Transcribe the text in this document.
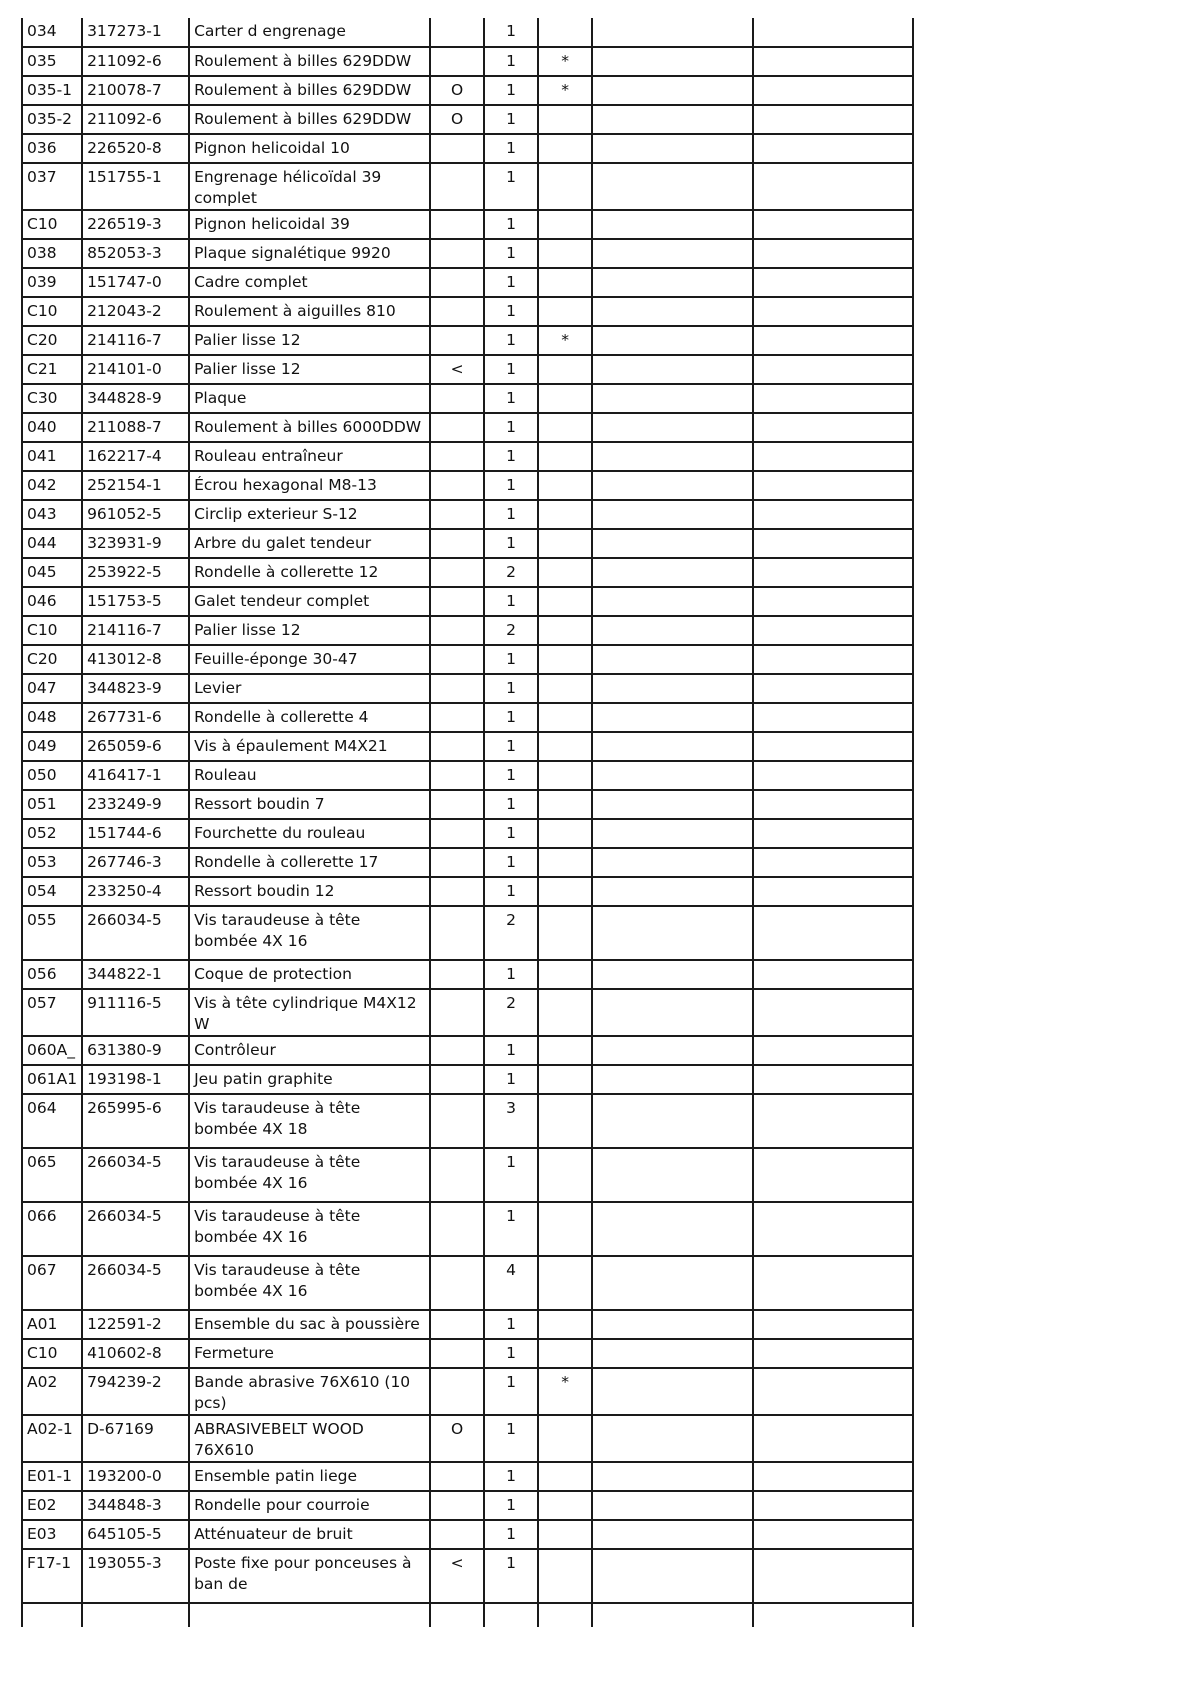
034	317273-1	Carter d engrenage		1			
035	211092-6	Roulement à billes 629DDW		1	*		
035-1	210078-7	Roulement à billes 629DDW	O	1	*		
035-2	211092-6	Roulement à billes 629DDW	O	1			
036	226520-8	Pignon helicoidal 10		1			
037	151755-1	Engrenage hélicoïdal 39 complet		1			
C10	226519-3	Pignon helicoidal 39		1			
038	852053-3	Plaque signalétique 9920		1			
039	151747-0	Cadre complet		1			
C10	212043-2	Roulement à aiguilles 810		1			
C20	214116-7	Palier lisse 12		1	*		
C21	214101-0	Palier lisse 12	<	1			
C30	344828-9	Plaque		1			
040	211088-7	Roulement à billes 6000DDW		1			
041	162217-4	Rouleau entraîneur		1			
042	252154-1	Écrou hexagonal M8-13		1			
043	961052-5	Circlip exterieur S-12		1			
044	323931-9	Arbre du galet tendeur		1			
045	253922-5	Rondelle à collerette 12		2			
046	151753-5	Galet tendeur complet		1			
C10	214116-7	Palier lisse 12		2			
C20	413012-8	Feuille-éponge 30-47		1			
047	344823-9	Levier		1			
048	267731-6	Rondelle à collerette 4		1			
049	265059-6	Vis à épaulement M4X21		1			
050	416417-1	Rouleau		1			
051	233249-9	Ressort boudin 7		1			
052	151744-6	Fourchette du rouleau		1			
053	267746-3	Rondelle à collerette 17		1			
054	233250-4	Ressort boudin 12		1			
055	266034-5	Vis taraudeuse à tête bombée 4X 16		2			
056	344822-1	Coque de protection		1			
057	911116-5	Vis à tête cylindrique M4X12 W		2			
060A_	631380-9	Contrôleur		1			
061A1	193198-1	Jeu patin graphite		1			
064	265995-6	Vis taraudeuse à tête bombée 4X 18		3			
065	266034-5	Vis taraudeuse à tête bombée 4X 16		1			
066	266034-5	Vis taraudeuse à tête bombée 4X 16		1			
067	266034-5	Vis taraudeuse à tête bombée 4X 16		4			
A01	122591-2	Ensemble du sac à poussière		1			
C10	410602-8	Fermeture		1			
A02	794239-2	Bande abrasive 76X610 (10 pcs)		1	*		
A02-1	D-67169	ABRASIVEBELT WOOD 76X610	O	1			
E01-1	193200-0	Ensemble patin liege		1			
E02	344848-3	Rondelle pour courroie		1			
E03	645105-5	Atténuateur de bruit		1			
F17-1	193055-3	Poste fixe pour ponceuses à ban de	<	1			
